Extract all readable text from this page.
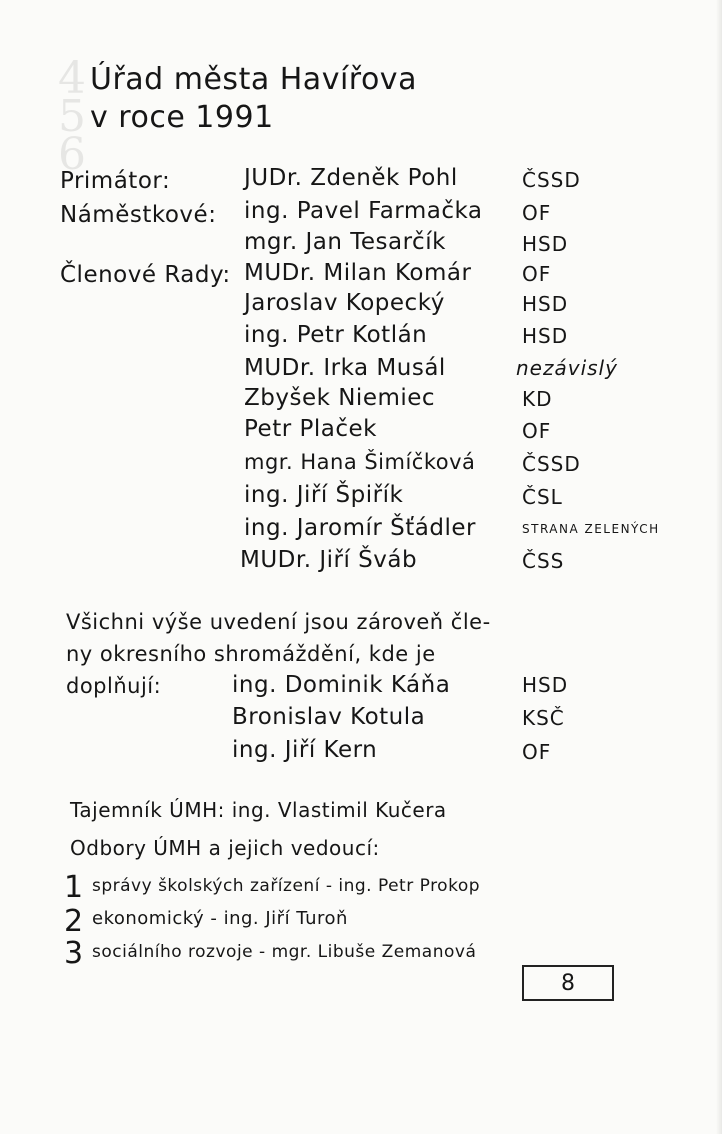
4
5
6
Úřad města Havířova
v roce 1991
Primátor:	JUDr. Zdeněk Pohl	ČSSD
Náměstkové: ing. Pavel Farmačka OF
mgr. Jan Tesarčík	HSD
Členové Rady: MUDr. Milan Komár	OF
Jaroslav Kopecký	HSD
ing. Petr Kotlán	HSD
MUDr. Irka Musál	nezávislý
Zbyšek Niemiec	KD
Petr Plaček	OF
mgr. Hana Šimíčková ČSSD
ing. Jiří Špiřík	ČSL
ing. Jaromír Šťádler	STRANA ZELENÝCH
MUDr. Jiří Šváb	ČSS
Všichni výše uvedení jsou zároveň čle-
ny okresního shromáždění, kde je
doplňují:	ing. Dominik Káňa	HSD
Bronislav Kotula	KSČ
ing. Jiří Kern	OF
Tajemník ÚMH: ing. Vlastimil Kučera
Odbory ÚMH a jejich vedoucí:
1 správy školských zařízení - ing. Petr Prokop
2 ekonomický - ing. Jiří Turoň
3 sociálního rozvoje - mgr. Libuše Zemanová
8
